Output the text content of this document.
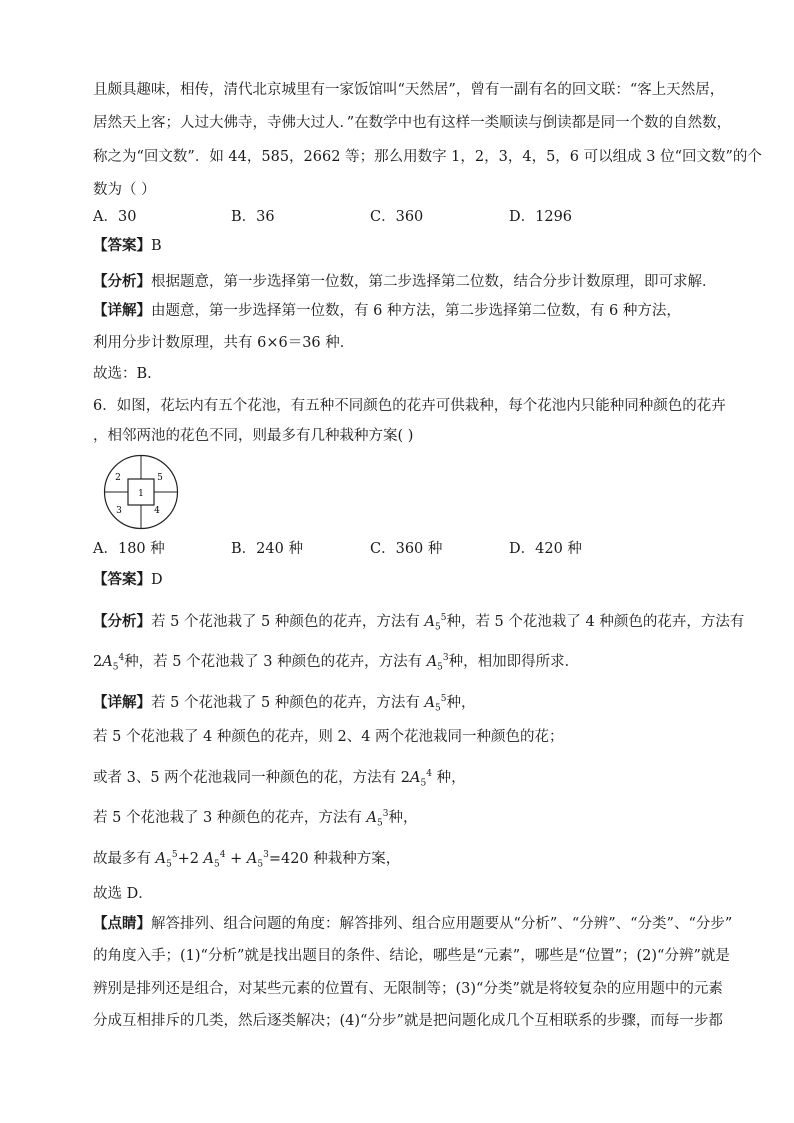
且颇具趣味，相传，清代北京城里有一家饭馆叫“天然居”，曾有一副有名的回文联：“客上天然居，
居然天上客；人过大佛寺，寺佛大过人．”在数学中也有这样一类顺读与倒读都是同一个数的自然数，
称之为“回文数”．如 44，585，2662 等；那么用数字 1，2，3，4，5，6 可以组成 3 位“回文数”的个
数为（ ）
A．30	B．36	C．360	D．1296
【答案】B
【分析】根据题意，第一步选择第一位数，第二步选择第二位数，结合分步计数原理，即可求解．
【详解】由题意，第一步选择第一位数，有 6 种方法，第二步选择第二位数，有 6 种方法，
利用分步计数原理，共有 6×6＝36 种．
故选：B.
6．如图，花坛内有五个花池，有五种不同颜色的花卉可供栽种，每个花池内只能种同种颜色的花卉
，相邻两池的花色不同，则最多有几种栽种方案( )
1
2
3	4
5
A．180 种	B．240 种	C．360 种	D．420 种
【答案】D
【分析】若 5 个花池栽了 5 种颜色的花卉，方法有 $A_5^5$种，若 5 个花池栽了 4 种颜色的花卉，方法有
$2A_5^4$种，若 5 个花池栽了 3 种颜色的花卉，方法有 $A_5^3$种，相加即得所求．
【详解】若 5 个花池栽了 5 种颜色的花卉，方法有 $A_5^5$种，
若 5 个花池栽了 4 种颜色的花卉，则 2、4 两个花池栽同一种颜色的花；
或者 3、5 两个花池栽同一种颜色的花，方法有 $2A_5^4$ 种，
若 5 个花池栽了 3 种颜色的花卉，方法有 $A_5^3$种，
故最多有 $A_5^5+2$ $A_5^4 + A_5^3=420$ 种栽种方案，
故选 D．
【点睛】解答排列、组合问题的角度：解答排列、组合应用题要从“分析”、“分辨”、“分类”、“分步”
的角度入手；(1)“分析”就是找出题目的条件、结论，哪些是“元素”，哪些是“位置”；(2)“分辨”就是
辨别是排列还是组合，对某些元素的位置有、无限制等；(3)“分类”就是将较复杂的应用题中的元素
分成互相排斥的几类，然后逐类解决；(4)“分步”就是把问题化成几个互相联系的步骤，而每一步都
